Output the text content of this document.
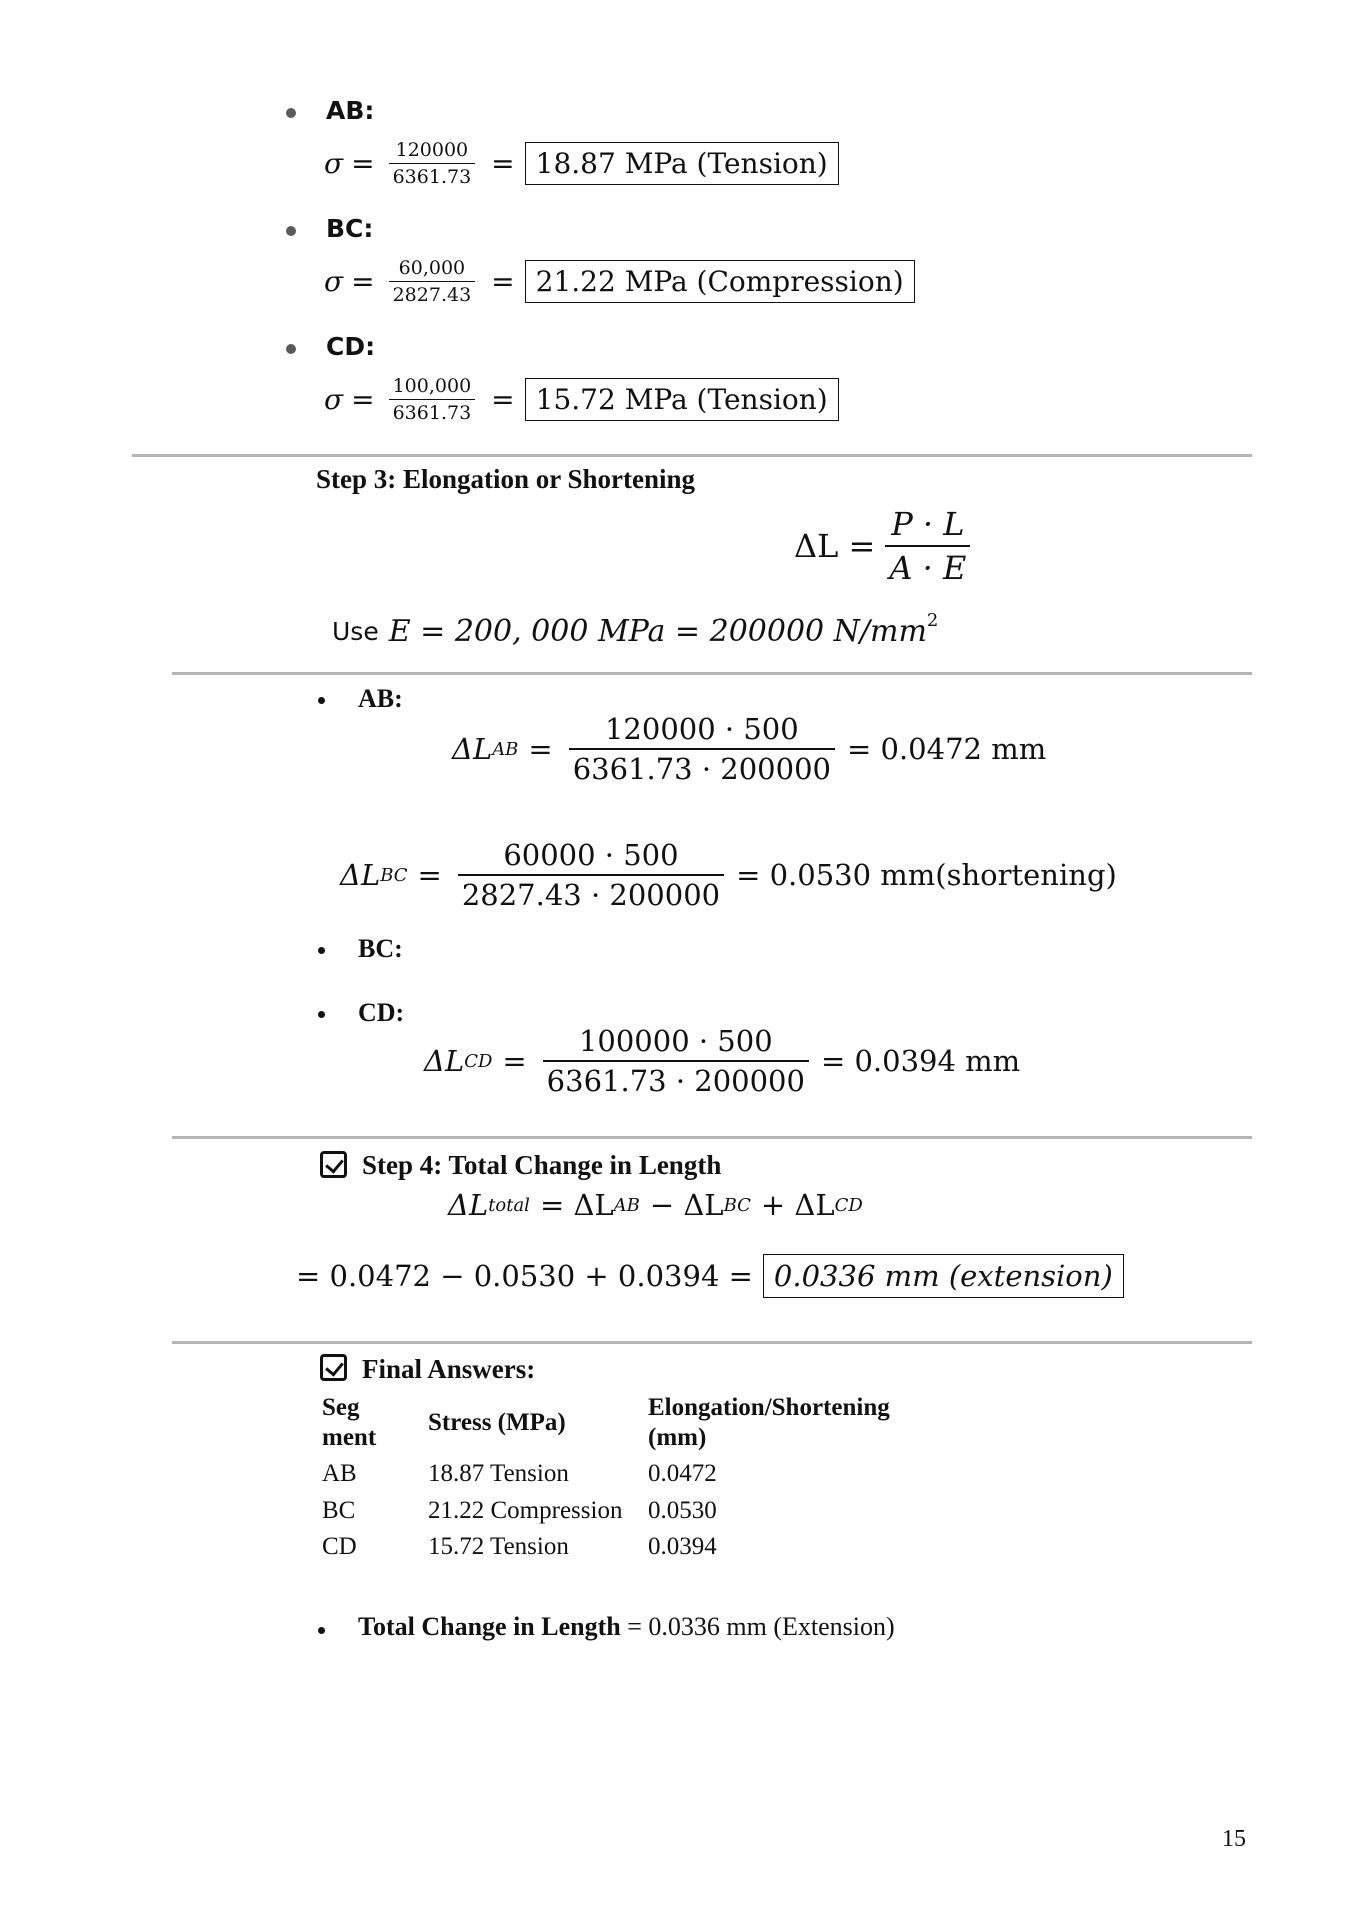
AB:
$\sigma = \frac{120000}{6361.73} = 18.87$ MPa (Tension)
BC:
$\sigma = \frac{60,000}{2827.43} = 21.22$ MPa (Compression)
CD:
$\sigma = \frac{100,000}{6361.73} = 15.72$ MPa (Tension)
Step 3: Elongation or Shortening
$\Delta L = \frac{P \cdot L}{A \cdot E}$
Use E = 200, 000 MPa = 200000 $N/mm^2$
AB:
ΔL AB = $\frac{120000 \cdot 500}{6361.73 \cdot 200000} = 0.0472$ mm
ΔL BC = $\frac{60000 \cdot 500}{2827.43 \cdot 200000} = 0.0530$ mm(shortening)
BC:
CD:
ΔL CD = $\frac{100000 \cdot 500}{6361.73 \cdot 200000} = 0.0394$ mm
Step 4: Total Change in Length
ΔL total = ΔL AB − ΔL BC + ΔL CD
= 0.0472 − 0.0530 + 0.0394 = 0.0336 mm (extension)
Final Answers:
Seg ment	Stress (MPa)	Elongation/Shortening (mm)
AB	18.87 Tension	0.0472
BC	21.22 Compression	0.0530
CD	15.72 Tension	0.0394
Total Change in Length = 0.0336 mm (Extension)
15
